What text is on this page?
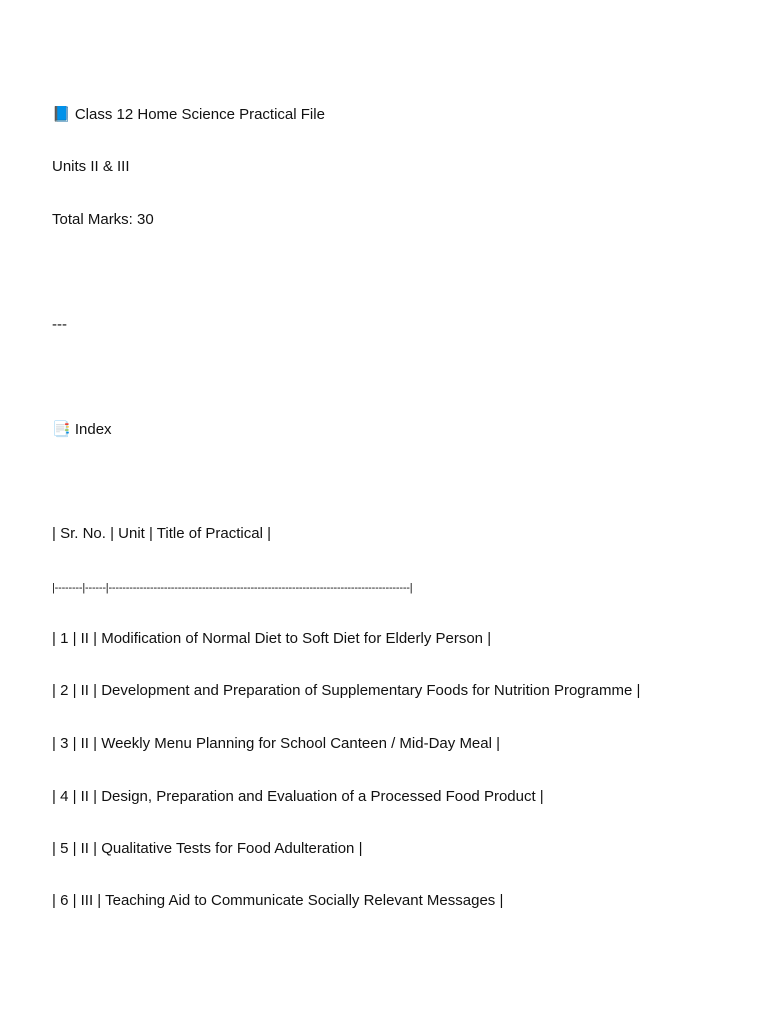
📘 Class 12 Home Science Practical File

Units II & III

Total Marks: 30

---

📑 Index

| Sr. No. | Unit | Title of Practical |

|--------|------|---------------------------------------------------------------------------------------|

| 1 | II | Modification of Normal Diet to Soft Diet for Elderly Person |

| 2 | II | Development and Preparation of Supplementary Foods for Nutrition Programme |

| 3 | II | Weekly Menu Planning for School Canteen / Mid-Day Meal |

| 4 | II | Design, Preparation and Evaluation of a Processed Food Product |

| 5 | II | Qualitative Tests for Food Adulteration |

| 6 | III | Teaching Aid to Communicate Socially Relevant Messages |
